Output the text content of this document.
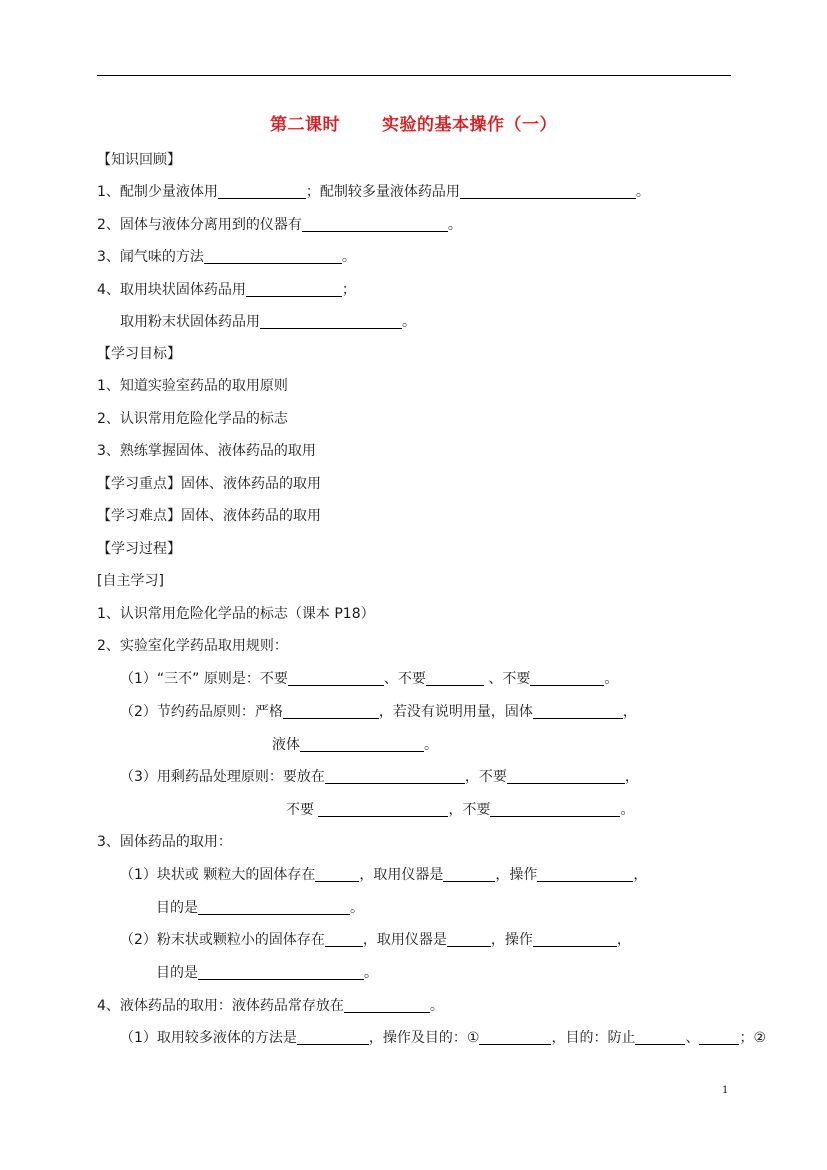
第二课时 实验的基本操作（一）
【知识回顾】
1、配制少量液体用	；配制较多量液体药品用	。
2、固体与液体分离用到的仪器有	。
3、闻气味的方法	。
4、取用块状固体药品用	；
取用粉末状固体药品用	。
【学习目标】
1、知道实验室药品的取用原则
2、认识常用危险化学品的标志
3、熟练掌握固体、液体药品的取用
【学习重点】固体、液体药品的取用
【学习难点】固体、液体药品的取用
【学习过程】
[自主学习]
1、认识常用危险化学品的标志（课本 P18）
2、实验室化学药品取用规则：
（1）“三不” 原则是：不要	、不要	、不要	。
（2）节约药品原则：严格	，若没有说明用量，固体	，
液体	。
（3）用剩药品处理原则：要放在	，不要	，
不要	，不要	。
3、固体药品的取用：
（1）块状或 颗粒大的固体存在	，取用仪器是	，操作	，
目的是	。
（2）粉末状或颗粒小的固体存在	，取用仪器是	，操作	，
目的是	。
4、液体药品的取用：液体药品常存放在	。
（1）取用较多液体的方法是	，操作及目的：①	，目的：防止	、	；②
1
